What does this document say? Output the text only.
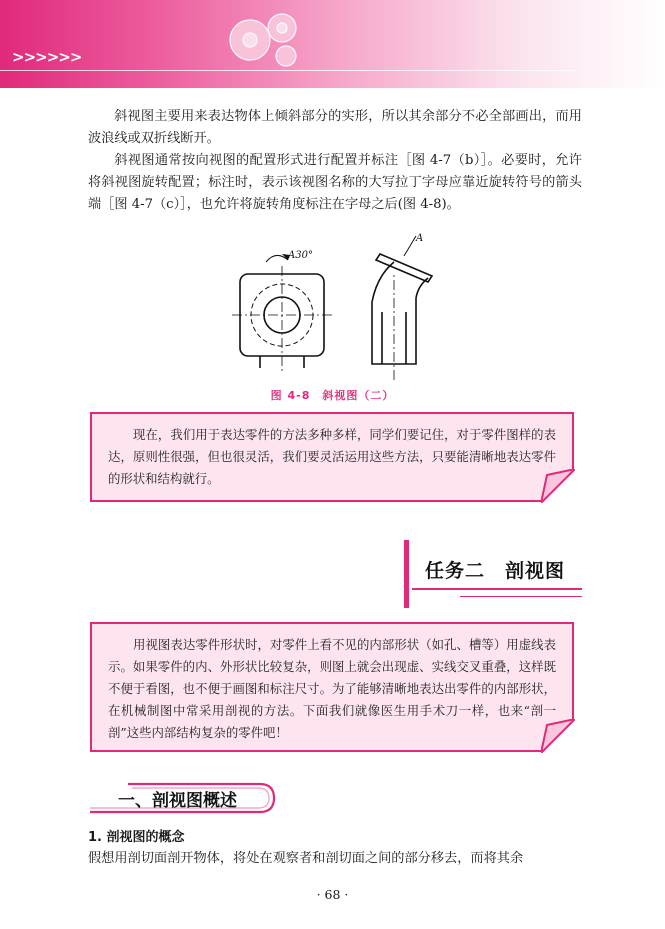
>>>>>>

斜视图主要用来表达物体上倾斜部分的实形，所以其余部分不必全部画出，而用波浪线或双折线断开。

斜视图通常按向视图的配置形式进行配置并标注［图 4-7（b）］。必要时，允许将斜视图旋转配置；标注时，表示该视图名称的大写拉丁字母应靠近旋转符号的箭头端［图 4-7（c）］，也允许将旋转角度标注在字母之后(图 4-8)。

A30°
A
图 4-8　斜视图（二）

现在，我们用于表达零件的方法多种多样，同学们要记住，对于零件图样的表达，原则性很强，但也很灵活，我们要灵活运用这些方法，只要能清晰地表达零件的形状和结构就行。

任务二　剖视图

用视图表达零件形状时，对零件上看不见的内部形状（如孔、槽等）用虚线表示。如果零件的内、外形状比较复杂，则图上就会出现虚、实线交叉重叠，这样既不便于看图，也不便于画图和标注尺寸。为了能够清晰地表达出零件的内部形状，在机械制图中常采用剖视的方法。下面我们就像医生用手术刀一样，也来“剖一剖”这些内部结构复杂的零件吧！

一、剖视图概述
1. 剖视图的概念

假想用剖切面剖开物体，将处在观察者和剖切面之间的部分移去，而将其余

· 68 ·
